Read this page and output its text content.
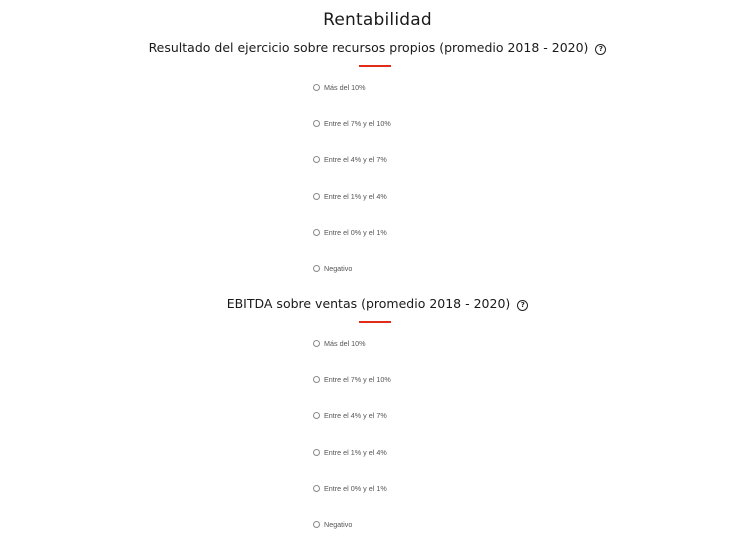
Rentabilidad
Resultado del ejercicio sobre recursos propios (promedio 2018 - 2020) ?
Más del 10%
Entre el 7% y el 10%
Entre el 4% y el 7%
Entre el 1% y el 4%
Entre el 0% y el 1%
Negativo
EBITDA sobre ventas (promedio 2018 - 2020) ?
Más del 10%
Entre el 7% y el 10%
Entre el 4% y el 7%
Entre el 1% y el 4%
Entre el 0% y el 1%
Negativo
